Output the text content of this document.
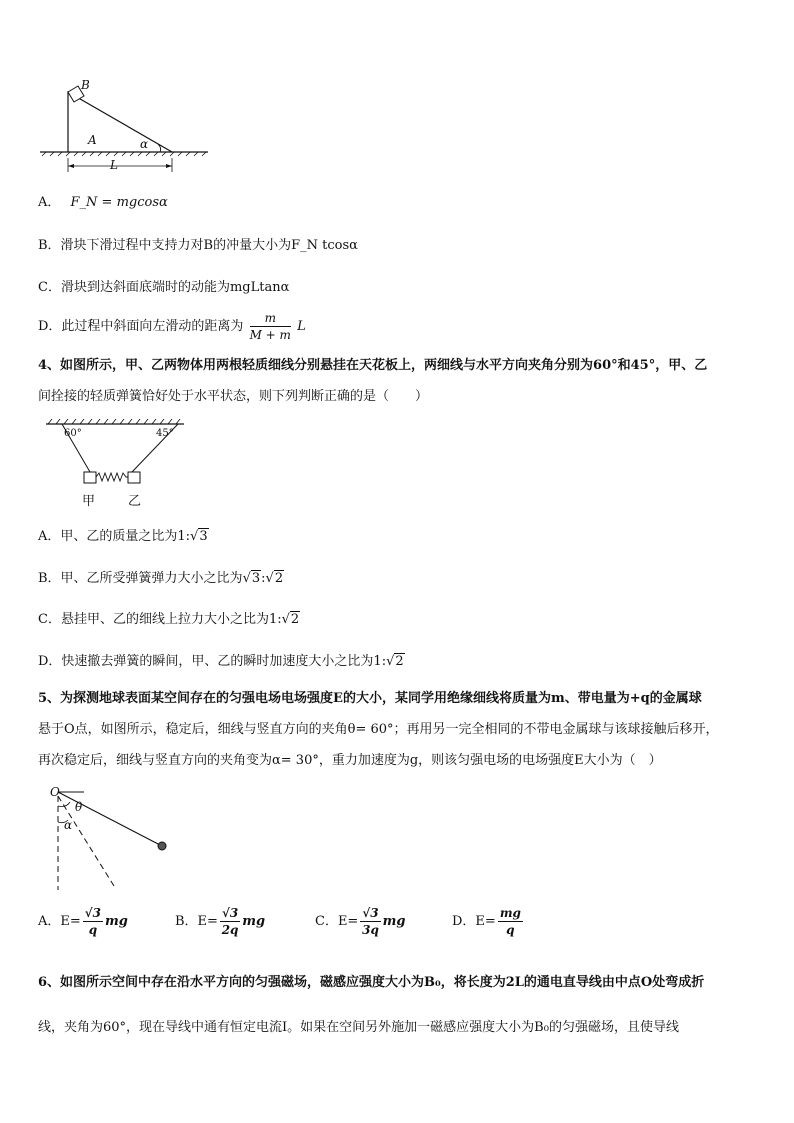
B
A	α
L
A． F_N = mgcosα
B．滑块下滑过程中支持力对B的冲量大小为F_N tcosα
C．滑块到达斜面底端时的动能为mgLtanα
D．此过程中斜面向左滑动的距离为 $\frac{m}{M + m}$ L
4、如图所示，甲、乙两物体用两根轻质细线分别悬挂在天花板上，两细线与水平方向夹角分别为60°和45°，甲、乙
间拴接的轻质弹簧恰好处于水平状态，则下列判断正确的是（　　）
60°	45°
甲	乙
A．甲、乙的质量之比为1:√3
B．甲、乙所受弹簧弹力大小之比为√3:√2
C．悬挂甲、乙的细线上拉力大小之比为1:√2
D．快速撤去弹簧的瞬间，甲、乙的瞬时加速度大小之比为1:√2
5、为探测地球表面某空间存在的匀强电场电场强度E的大小，某同学用绝缘细线将质量为m、带电量为+q的金属球
悬于O点，如图所示，稳定后，细线与竖直方向的夹角θ= 60°；再用另一完全相同的不带电金属球与该球接触后移开，
再次稳定后，细线与竖直方向的夹角变为α= 30°，重力加速度为g，则该匀强电场的电场强度E大小为（　）
O
θ
α
A．$E= \frac{√3}{q}$ mg	B．$E= \frac{√3}{2q}$ mg	C．$E= \frac{√3}{3q}$ mg	D．$E= \frac{mg}{q}$
6、如图所示空间中存在沿水平方向的匀强磁场，磁感应强度大小为B₀，将长度为2L的通电直导线由中点O处弯成折
线，夹角为60°，现在导线中通有恒定电流I。如果在空间另外施加一磁感应强度大小为B₀的匀强磁场，且使导线
